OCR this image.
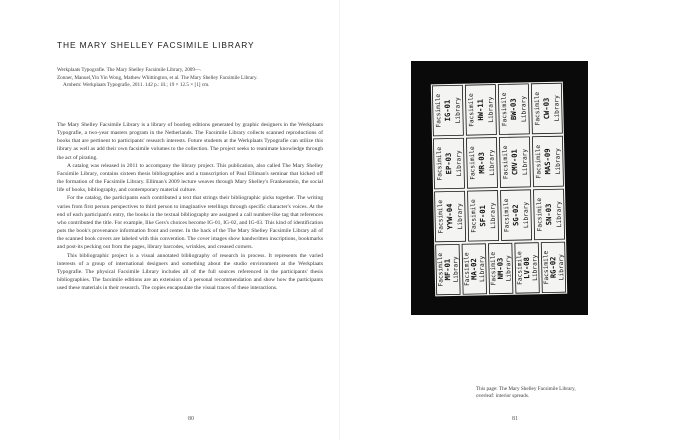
THE MARY SHELLEY FACSIMILE LIBRARY
Werkplaats Typografie. The Mary Shelley Facsimile Library, 2009—.
Zonner, Manuel,Yin Yin Wong, Mathew Whittington, et al. The Mary Shelley Facsimile Library.
Arnhem: Werkplaats Typografie, 2011. 142 p.: ill.; 19 × 12.5 × [1] cm.

The Mary Shelley Facsimile Library is a library of bootleg editions generated by graphic designers in the Werkplaats Typografie, a two-year masters program in the Netherlands. The Facsimile Library collects scanned reproductions of books that are pertinent to participants' research interests. Future students at the Werkplaats Typografie can utilize this library as well as add their own facsimile volumes to the collection. The project seeks to reanimate knowledge through the act of pirating.

A catalog was released in 2011 to accompany the library project. This publication, also called The Mary Shelley Facsimile Library, contains sixteen thesis bibliographies and a transcription of Paul Elliman's seminar that kicked off the formation of the Facsimile Library. Elliman's 2009 lecture weaves through Mary Shelley's Frankenstein, the social life of books, bibliography, and contemporary material culture.

For the catalog, the participants each contributed a text that strings their bibliographic picks together. The writing varies from first person perspectives to third person to imaginative retellings through specific character's voices. At the end of each participant's entry, the books in the textual bibliography are assigned a call number-like tag that references who contributed the title. For example, Ilke Gers's choices become IG-01, IG-02, and IG-03. This kind of identification puts the book's provenance information front and center. In the back of the The Mary Shelley Facsimile Library all of the scanned book covers are labeled with this convention. The cover images show handwritten inscriptions, bookmarks and post-its pecking out from the pages, library barcodes, wrinkles, and creased corners.

This bibliographic project is a visual annotated bibliography of research in process. It represents the varied interests of a group of international designers and something about the studio environment at the Werkplaats Typografie. The physical Facsimile Library includes all of the full sources referenced in the participants' thesis bibliographies. The facsimile editions are an extension of a personal recommendation and show how the participants used these materials in their research. The copies encapsulate the visual traces of these interactions.

80
Facsimile IG-01 Library Facsimile HW-11 Library Facsimile BW-03 Library Facsimile CW-03 Library
Facsimile EP-03 Library Facsimile MR-03 Library Facsimile CMV-01 Library Facsimile MAS-09 Library
Facsimile YYW-04 Library Facsimile SF-01 Library Facsimile SG-02 Library Facsimile SN-03 Library
Facsimile
MF-01 Library Facsimile
MA-02 Library Facsimile
NM-03 Library Facsimile
LV-08 Library Facsimile
RG-02 Library
This page: The Mary Shelley Facsimile Library,
overleaf: interior spreads.
81
